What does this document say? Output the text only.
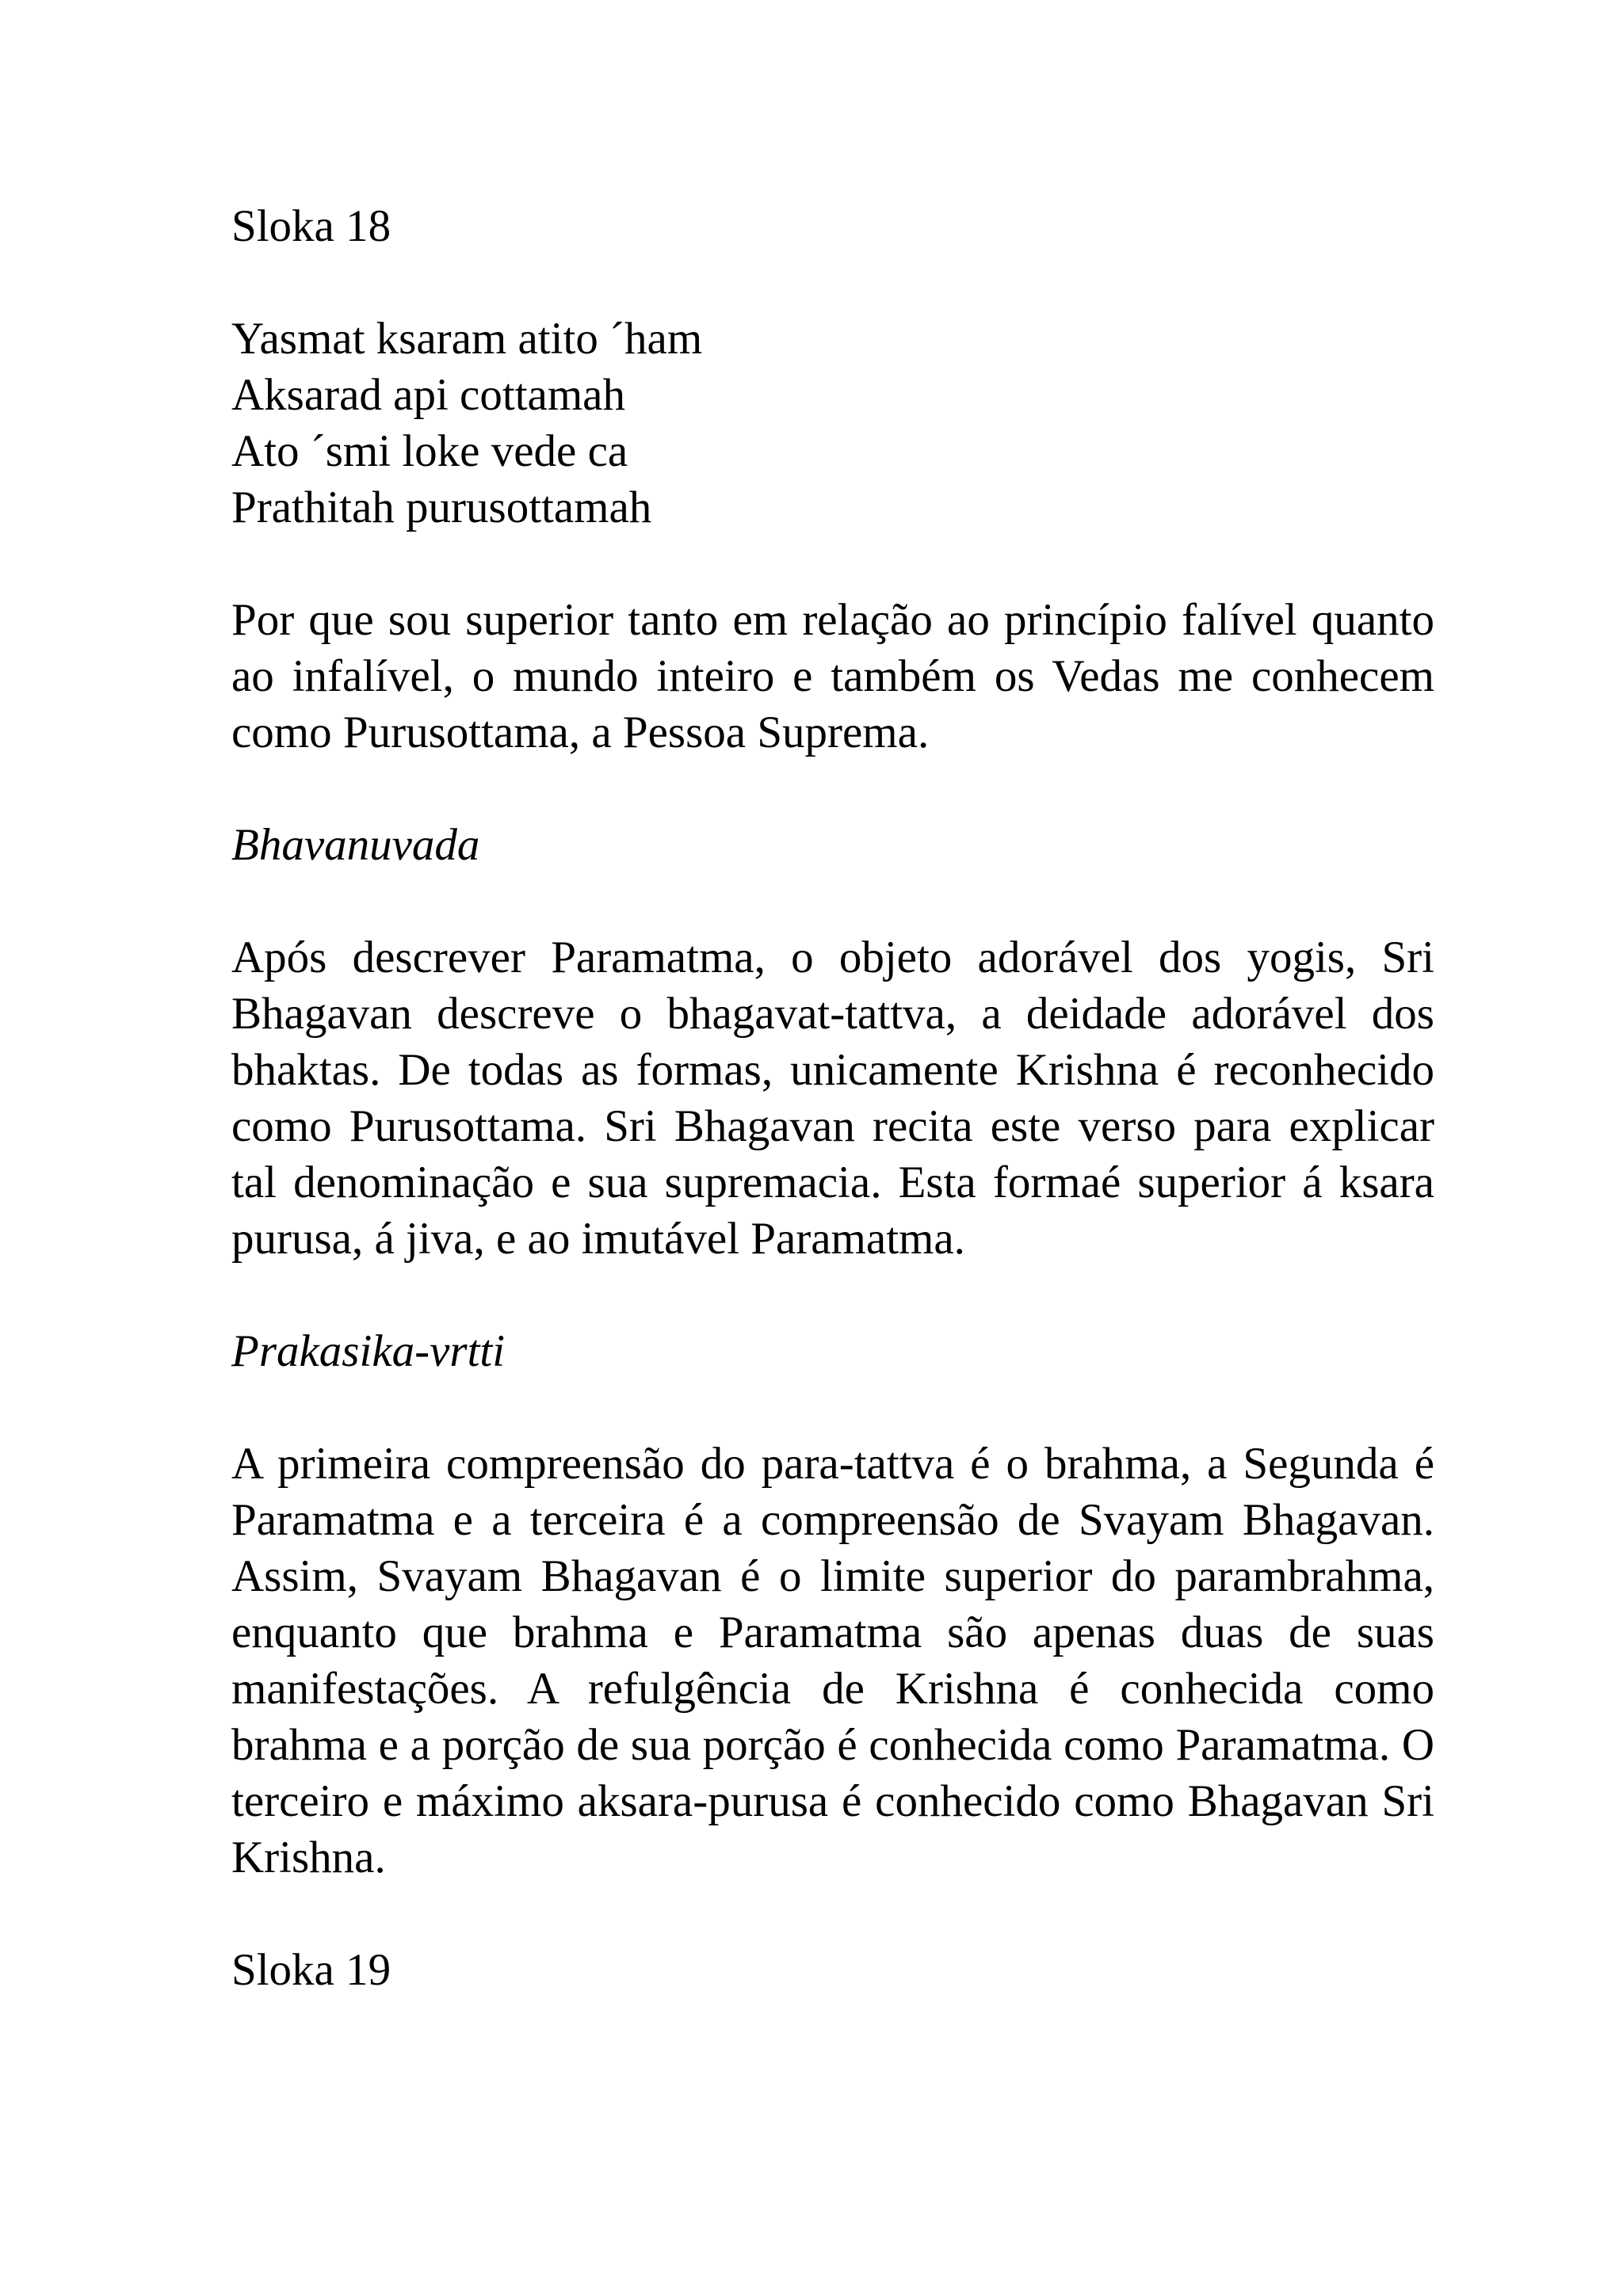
Sloka 18

Yasmat ksaram atito ´ham
Aksarad api cottamah
Ato ´smi loke vede ca
Prathitah purusottamah

Por que sou superior tanto em relação ao princípio falível quanto ao infalível, o mundo inteiro e também os Vedas me conhecem como Purusottama, a Pessoa Suprema.

Bhavanuvada

Após descrever Paramatma, o objeto adorável dos yogis, Sri Bhagavan descreve o bhagavat-tattva, a deidade adorável dos bhaktas. De todas as formas, unicamente Krishna é reconhecido como Purusottama. Sri Bhagavan recita este verso para explicar tal denominação e sua supremacia. Esta formaé superior á ksara purusa, á jiva, e ao imutável Paramatma.

Prakasika-vrtti

A primeira compreensão do para-tattva é o brahma, a Segunda é Paramatma e a terceira é a compreensão de Svayam Bhagavan. Assim, Svayam Bhagavan é o limite superior do parambrahma, enquanto que brahma e Paramatma são apenas duas de suas manifestações. A refulgência de Krishna é conhecida como brahma e a porção de sua porção é conhecida como Paramatma. O terceiro e máximo aksara-purusa é conhecido como Bhagavan Sri Krishna.

Sloka 19
